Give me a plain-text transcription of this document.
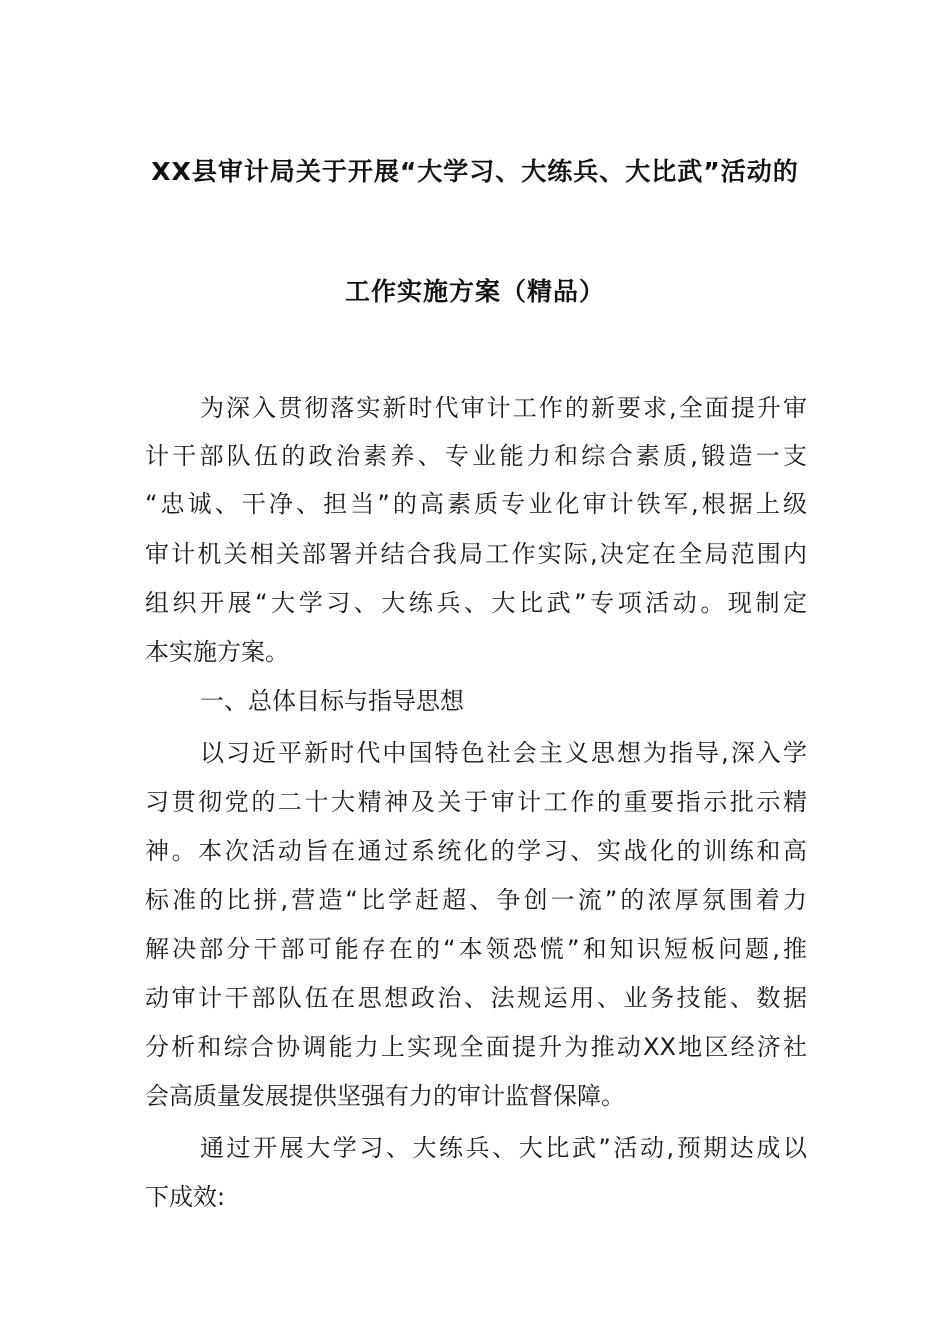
XX县审计局关于开展“大学习、大练兵、大比武”活动的
工作实施方案（精品）
为深入贯彻落实新时代审计工作的新要求,全面提升审
计干部队伍的政治素养、专业能力和综合素质,锻造一支
“忠诚、干净、担当”的高素质专业化审计铁军,根据上级
审计机关相关部署并结合我局工作实际,决定在全局范围内
组织开展“大学习、大练兵、大比武”专项活动。现制定
本实施方案。
一、总体目标与指导思想
以习近平新时代中国特色社会主义思想为指导,深入学
习贯彻党的二十大精神及关于审计工作的重要指示批示精
神。本次活动旨在通过系统化的学习、实战化的训练和高
标准的比拼,营造“比学赶超、争创一流”的浓厚氛围着力
解决部分干部可能存在的“本领恐慌”和知识短板问题,推
动审计干部队伍在思想政治、法规运用、业务技能、数据
分析和综合协调能力上实现全面提升为推动XX地区经济社
会高质量发展提供坚强有力的审计监督保障。
通过开展大学习、大练兵、大比武”活动,预期达成以
下成效:
